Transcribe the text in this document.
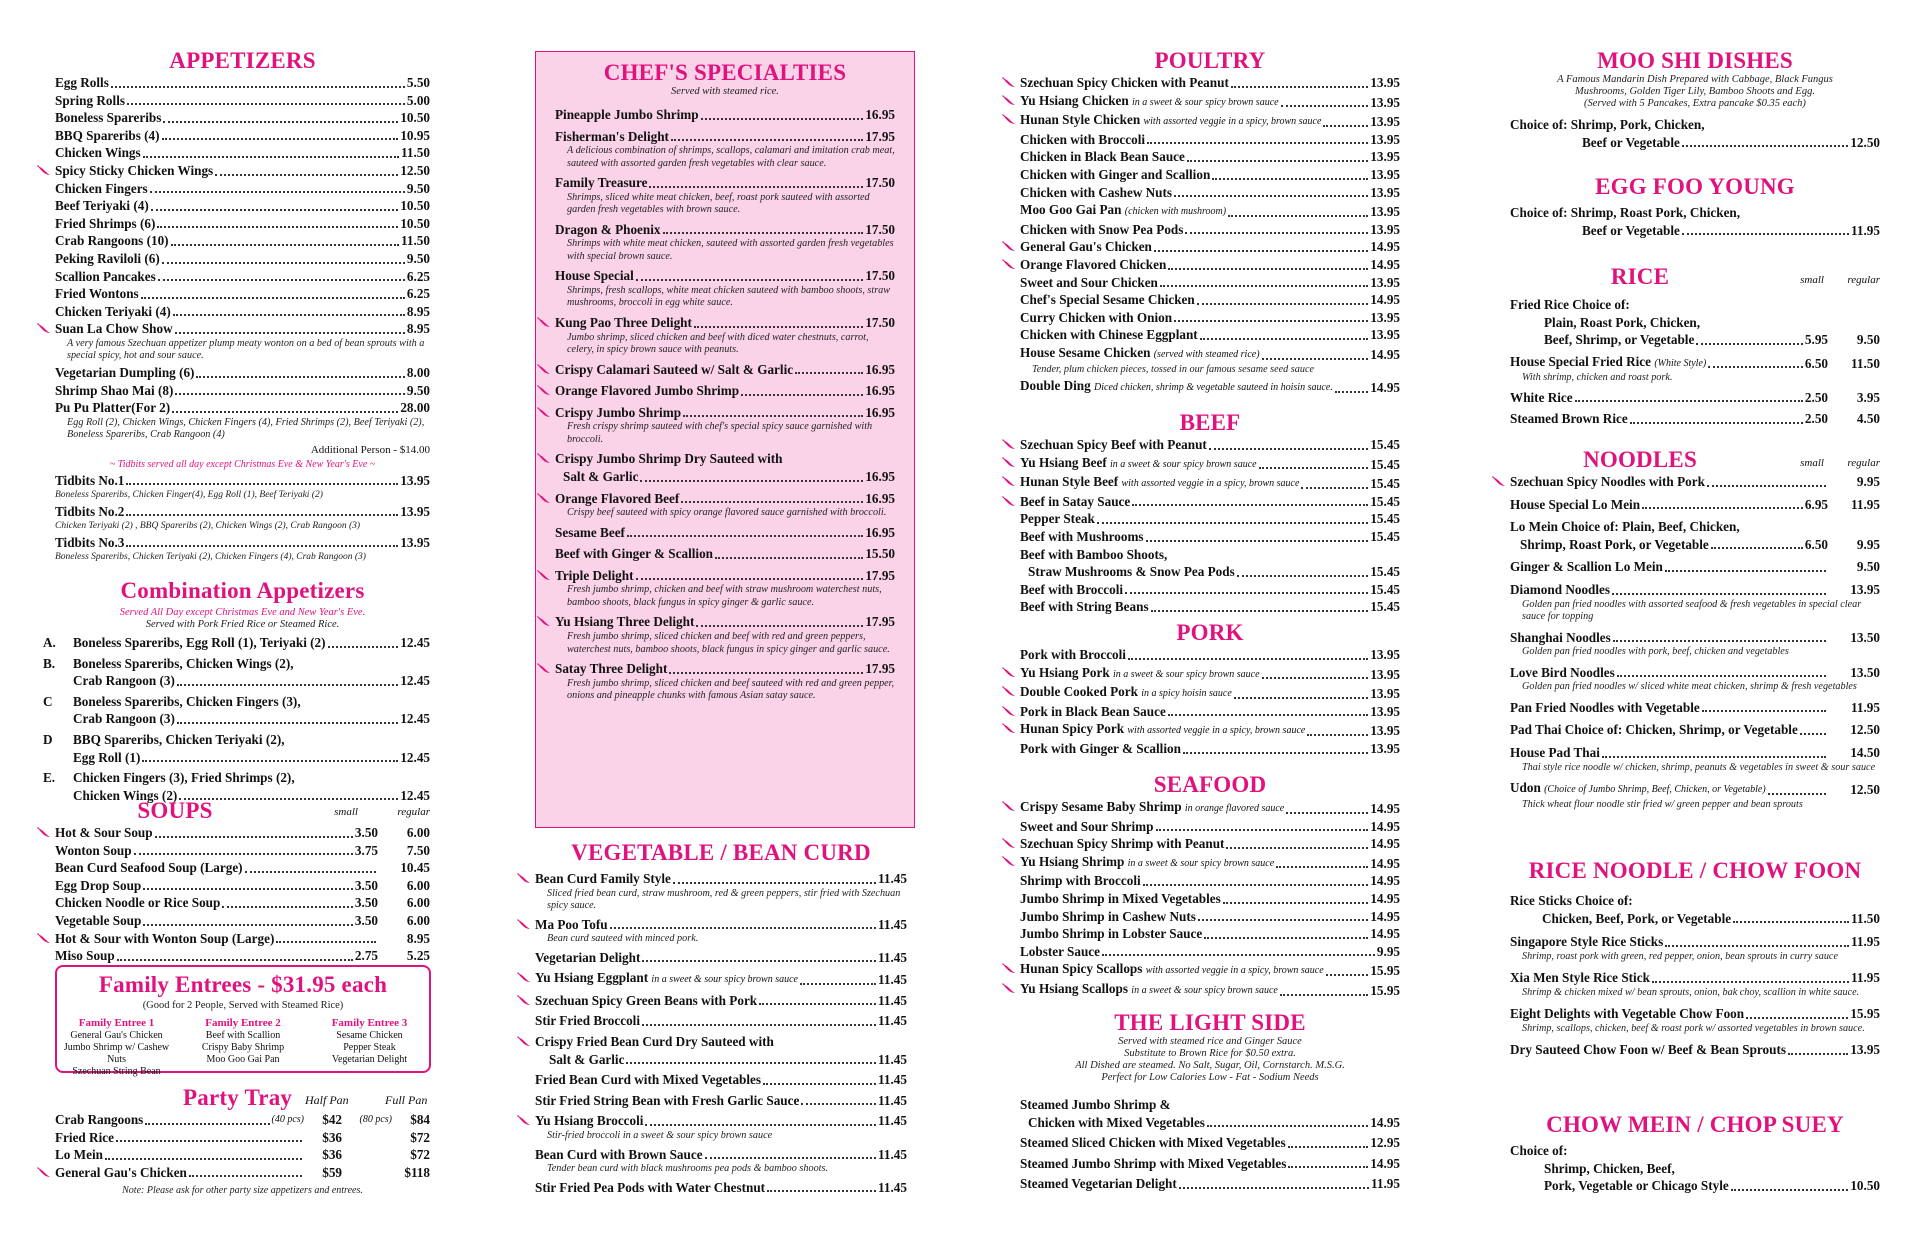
APPETIZERS
Egg Rolls	5.50
Spring Rolls	5.00
Boneless Spareribs	10.50
BBQ Spareribs (4)	10.95
Chicken Wings	11.50
Spicy Sticky Chicken Wings	12.50
Chicken Fingers	9.50
Beef Teriyaki (4)	10.50
Fried Shrimps (6)	10.50
Crab Rangoons (10)	11.50
Peking Raviloli (6)	9.50
Scallion Pancakes	6.25
Fried Wontons	6.25
Chicken Teriyaki (4)	8.95
Suan La Chow Show	8.95
A very famous Szechuan appetizer plump meaty wonton on a bed of bean sprouts with a special spicy, hot and sour sauce.
Vegetarian Dumpling (6)	8.00
Shrimp Shao Mai (8)	9.50
Pu Pu Platter(For 2)	28.00
Egg Roll (2), Chicken Wings, Chicken Fingers (4), Fried Shrimps (2), Beef Teriyaki (2), Boneless Spareribs, Crab Rangoon (4)
Additional Person - $14.00
~ Tidbits served all day except Christmas Eve & New Year's Eve ~
Tidbits No.1	13.95
Boneless Spareribs, Chicken Finger(4), Egg Roll (1), Beef Teriyaki (2)
Tidbits No.2	13.95
Chicken Teriyaki (2) , BBQ Spareribs (2), Chicken Wings (2), Crab Rangoon (3)
Tidbits No.3	13.95
Boneless Spareribs, Chicken Teriyaki (2), Chicken Fingers (4), Crab Rangoon (3)
Combination Appetizers
Served All Day except Christmas Eve and New Year's Eve.
Served with Pork Fried Rice or Steamed Rice.
A.	Boneless Spareribs, Egg Roll (1), Teriyaki (2)	12.45
B.	Boneless Spareribs, Chicken Wings (2),
Crab Rangoon (3)	12.45
C	Boneless Spareribs, Chicken Fingers (3),
Crab Rangoon (3)	12.45
D	BBQ Spareribs, Chicken Teriyaki (2),
Egg Roll (1)	12.45
E.	Chicken Fingers (3), Fried Shrimps (2),
Chicken Wings (2)	12.45
SOUPS	small	regular
Hot & Sour Soup	3.50	6.00
Wonton Soup	3.75	7.50
Bean Curd Seafood Soup (Large)	10.45
Egg Drop Soup	3.50	6.00
Chicken Noodle or Rice Soup	3.50	6.00
Vegetable Soup	3.50	6.00
Hot & Sour with Wonton Soup (Large)	8.95
Miso Soup	2.75	5.25
Family Entrees - $31.95 each
(Good for 2 People, Served with Steamed Rice)
Family Entree 1
General Gau's Chicken
Jumbo Shrimp w/ Cashew Nuts
Szechuan String Bean
Family Entree 2
Beef with Scallion
Crispy Baby Shrimp
Moo Goo Gai Pan
Family Entree 3
Sesame Chicken
Pepper Steak
Vegetarian Delight
Party Tray Half Pan	Full Pan
Crab Rangoons	(40 pcs)	$42	(80 pcs)	$84
Fried Rice	$36	$72
Lo Mein	$36	$72
General Gau's Chicken	$59	$118
Note: Please ask for other party size appetizers and entrees.
CHEF'S SPECIALTIES
Served with steamed rice.
Pineapple Jumbo Shrimp	16.95
Fisherman's Delight	17.95
A delicious combination of shrimps, scallops, calamari and imitation crab meat, sauteed with assorted garden fresh vegetables with clear sauce.
Family Treasure	17.50
Shrimps, sliced white meat chicken, beef, roast pork sauteed with assorted garden fresh vegetables with brown sauce.
Dragon & Phoenix	17.50
Shrimps with white meat chicken, sauteed with assorted garden fresh vegetables with special brown sauce.
House Special	17.50
Shrimps, fresh scallops, white meat chicken sauteed with bamboo shoots, straw mushrooms, broccoli in egg white sauce.
Kung Pao Three Delight	17.50
Jumbo shrimp, sliced chicken and beef with diced water chestnuts, carrot, celery, in spicy brown sauce with peanuts.
Crispy Calamari Sauteed w/ Salt & Garlic	16.95
Orange Flavored Jumbo Shrimp	16.95
Crispy Jumbo Shrimp	16.95
Fresh crispy shrimp sauteed with chef's special spicy sauce garnished with broccoli.
Crispy Jumbo Shrimp Dry Sauteed with
Salt & Garlic	16.95
Orange Flavored Beef	16.95
Crispy beef sauteed with spicy orange flavored sauce garnished with broccoli.
Sesame Beef	16.95
Beef with Ginger & Scallion	15.50
Triple Delight	17.95
Fresh jumbo shrimp, chicken and beef with straw mushroom waterchest nuts, bamboo shoots, black fungus in spicy ginger & garlic sauce.
Yu Hsiang Three Delight	17.95
Fresh jumbo shrimp, sliced chicken and beef with red and green peppers, waterchest nuts, bamboo shoots, black fungus in spicy ginger and garlic sauce.
Satay Three Delight	17.95
Fresh jumbo shrimp, sliced chicken and beef sauteed with red and green pepper, onions and pineapple chunks with famous Asian satay sauce.
VEGETABLE / BEAN CURD
Bean Curd Family Style	11.45
Sliced fried bean curd, straw mushroom, red & green peppers, stir fried with Szechuan spicy sauce.
Ma Poo Tofu	11.45
Bean curd sauteed with minced pork.
Vegetarian Delight	11.45
Yu Hsiang Eggplant in a sweet & sour spicy brown sauce	11.45
Szechuan Spicy Green Beans with Pork	11.45
Stir Fried Broccoli	11.45
Crispy Fried Bean Curd Dry Sauteed with
Salt & Garlic	11.45
Fried Bean Curd with Mixed Vegetables	11.45
Stir Fried String Bean with Fresh Garlic Sauce	11.45
Yu Hsiang Broccoli	11.45
Stir-fried broccoli in a sweet & sour spicy brown sauce
Bean Curd with Brown Sauce	11.45
Tender bean curd with black mushrooms pea pods & bamboo shoots.
Stir Fried Pea Pods with Water Chestnut	11.45
POULTRY
Szechuan Spicy Chicken with Peanut	13.95
Yu Hsiang Chicken in a sweet & sour spicy brown sauce	13.95
Hunan Style Chicken with assorted veggie in a spicy, brown sauce	13.95
Chicken with Broccoli	13.95
Chicken in Black Bean Sauce	13.95
Chicken with Ginger and Scallion	13.95
Chicken with Cashew Nuts	13.95
Moo Goo Gai Pan (chicken with mushroom)	13.95
Chicken with Snow Pea Pods	13.95
General Gau's Chicken	14.95
Orange Flavored Chicken	14.95
Sweet and Sour Chicken	13.95
Chef's Special Sesame Chicken	14.95
Curry Chicken with Onion	13.95
Chicken with Chinese Eggplant	13.95
House Sesame Chicken (served with steamed rice)	14.95
Tender, plum chicken pieces, tossed in our famous sesame seed sauce
Double Ding Diced chicken, shrimp & vegetable sauteed in hoisin sauce.	14.95
BEEF
Szechuan Spicy Beef with Peanut	15.45
Yu Hsiang Beef in a sweet & sour spicy brown sauce	15.45
Hunan Style Beef with assorted veggie in a spicy, brown sauce	15.45
Beef in Satay Sauce	15.45
Pepper Steak	15.45
Beef with Mushrooms	15.45
Beef with Bamboo Shoots,
Straw Mushrooms & Snow Pea Pods	15.45
Beef with Broccoli	15.45
Beef with String Beans	15.45
PORK
Pork with Broccoli	13.95
Yu Hsiang Pork in a sweet & sour spicy brown sauce	13.95
Double Cooked Pork in a spicy hoisin sauce	13.95
Pork in Black Bean Sauce	13.95
Hunan Spicy Pork with assorted veggie in a spicy, brown sauce	13.95
Pork with Ginger & Scallion	13.95
SEAFOOD
Crispy Sesame Baby Shrimp in orange flavored sauce	14.95
Sweet and Sour Shrimp	14.95
Szechuan Spicy Shrimp with Peanut	14.95
Yu Hsiang Shrimp in a sweet & sour spicy brown sauce	14.95
Shrimp with Broccoli	14.95
Jumbo Shrimp in Mixed Vegetables	14.95
Jumbo Shrimp in Cashew Nuts	14.95
Jumbo Shrimp in Lobster Sauce	14.95
Lobster Sauce	9.95
Hunan Spicy Scallops with assorted veggie in a spicy, brown sauce	15.95
Yu Hsiang Scallops in a sweet & sour spicy brown sauce	15.95
THE LIGHT SIDE
Served with steamed rice and Ginger Sauce
Substitute to Brown Rice for $0.50 extra.
All Dished are steamed. No Salt, Sugar, Oil, Cornstarch. M.S.G.
Perfect for Low Calories Low - Fat - Sodium Needs
Steamed Jumbo Shrimp &
Chicken with Mixed Vegetables	14.95
Steamed Sliced Chicken with Mixed Vegetables	12.95
Steamed Jumbo Shrimp with Mixed Vegetables	14.95
Steamed Vegetarian Delight	11.95
MOO SHI DISHES
A Famous Mandarin Dish Prepared with Cabbage, Black Fungus
Mushrooms, Golden Tiger Lily, Bamboo Shoots and Egg.
(Served with 5 Pancakes, Extra pancake $0.35 each)
Choice of: Shrimp, Pork, Chicken,
Beef or Vegetable	12.50
EGG FOO YOUNG
Choice of: Shrimp, Roast Pork, Chicken,
Beef or Vegetable	11.95
RICE	small regular
Fried Rice Choice of:
Plain, Roast Pork, Chicken,
Beef, Shrimp, or Vegetable	5.95	9.50
House Special Fried Rice (White Style)	6.50	11.50
With shrimp, chicken and roast pork.
White Rice	2.50	3.95
Steamed Brown Rice	2.50	4.50
NOODLES	small regular
Szechuan Spicy Noodles with Pork	9.95
House Special Lo Mein	6.95	11.95
Lo Mein Choice of: Plain, Beef, Chicken,
Shrimp, Roast Pork, or Vegetable	6.50	9.95
Ginger & Scallion Lo Mein	9.50
Diamond Noodles	13.95
Golden pan fried noodles with assorted seafood & fresh vegetables in special clear sauce for topping
Shanghai Noodles	13.50
Golden pan fried noodles with pork, beef, chicken and vegetables
Love Bird Noodles	13.50
Golden pan fried noodles w/ sliced white meat chicken, shrimp & fresh vegetables
Pan Fried Noodles with Vegetable	11.95
Pad Thai Choice of: Chicken, Shrimp, or Vegetable	12.50
House Pad Thai	14.50
Thai style rice noodle w/ chicken, shrimp, peanuts & vegetables in sweet & sour sauce
Udon (Choice of Jumbo Shrimp, Beef, Chicken, or Vegetable)	12.50
Thick wheat flour noodle stir fried w/ green pepper and bean sprouts
RICE NOODLE / CHOW FOON
Rice Sticks Choice of:
Chicken, Beef, Pork, or Vegetable	11.50
Singapore Style Rice Sticks	11.95
Shrimp, roast pork with green, red pepper, onion, bean sprouts in curry sauce
Xia Men Style Rice Stick	11.95
Shrimp & chicken mixed w/ bean sprouts, onion, bak choy, scallion in white sauce.
Eight Delights with Vegetable Chow Foon	15.95
Shrimp, scallops, chicken, beef & roast pork w/ assorted vegetables in brown sauce.
Dry Sauteed Chow Foon w/ Beef & Bean Sprouts	13.95
CHOW MEIN / CHOP SUEY
Choice of:
Shrimp, Chicken, Beef,
Pork, Vegetable or Chicago Style	10.50
